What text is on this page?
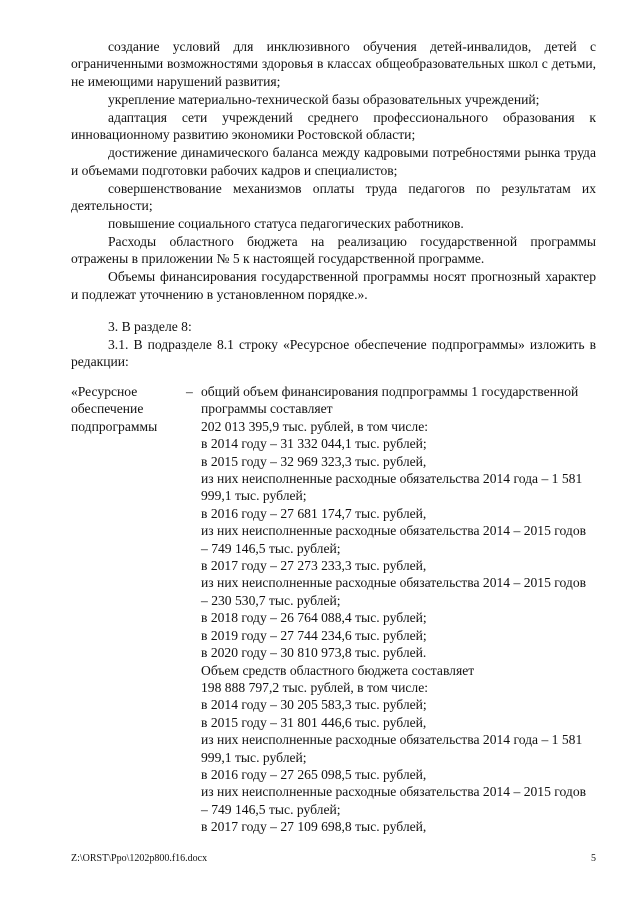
создание условий для инклюзивного обучения детей-инвалидов, детей с ограниченными возможностями здоровья в классах общеобразовательных школ с детьми, не имеющими нарушений развития;

укрепление материально-технической базы образовательных учреждений;

адаптация сети учреждений среднего профессионального образования к инновационному развитию экономики Ростовской области;

достижение динамического баланса между кадровыми потребностями рынка труда и объемами подготовки рабочих кадров и специалистов;

совершенствование механизмов оплаты труда педагогов по результатам их деятельности;

повышение социального статуса педагогических работников.

Расходы областного бюджета на реализацию государственной программы отражены в приложении № 5 к настоящей государственной программе.

Объемы финансирования государственной программы носят прогнозный характер и подлежат уточнению в установленном порядке.».

3. В разделе 8:

3.1. В подразделе 8.1 строку «Ресурсное обеспечение подпрограммы» изложить в редакции:

«Ресурсное
обеспечение
подпрограммы
– общий объем финансирования подпрограммы 1 государственной программы составляет

202 013 395,9 тыс. рублей, в том числе:

в 2014 году – 31 332 044,1 тыс. рублей;

в 2015 году – 32 969 323,3 тыс. рублей,

из них неисполненные расходные обязательства 2014 года – 1 581 999,1 тыс. рублей;

в 2016 году – 27 681 174,7 тыс. рублей,

из них неисполненные расходные обязательства 2014 – 2015 годов – 749 146,5 тыс. рублей;

в 2017 году – 27 273 233,3 тыс. рублей,

из них неисполненные расходные обязательства 2014 – 2015 годов – 230 530,7 тыс. рублей;

в 2018 году – 26 764 088,4 тыс. рублей;

в 2019 году – 27 744 234,6 тыс. рублей;

в 2020 году – 30 810 973,8 тыс. рублей.

Объем средств областного бюджета составляет

198 888 797,2 тыс. рублей, в том числе:

в 2014 году – 30 205 583,3 тыс. рублей;

в 2015 году – 31 801 446,6 тыс. рублей,

из них неисполненные расходные обязательства 2014 года – 1 581 999,1 тыс. рублей;

в 2016 году – 27 265 098,5 тыс. рублей,

из них неисполненные расходные обязательства 2014 – 2015 годов – 749 146,5 тыс. рублей;

в 2017 году – 27 109 698,8 тыс. рублей,

Z:\ORST\Ppo\1202p800.f16.docx	5
